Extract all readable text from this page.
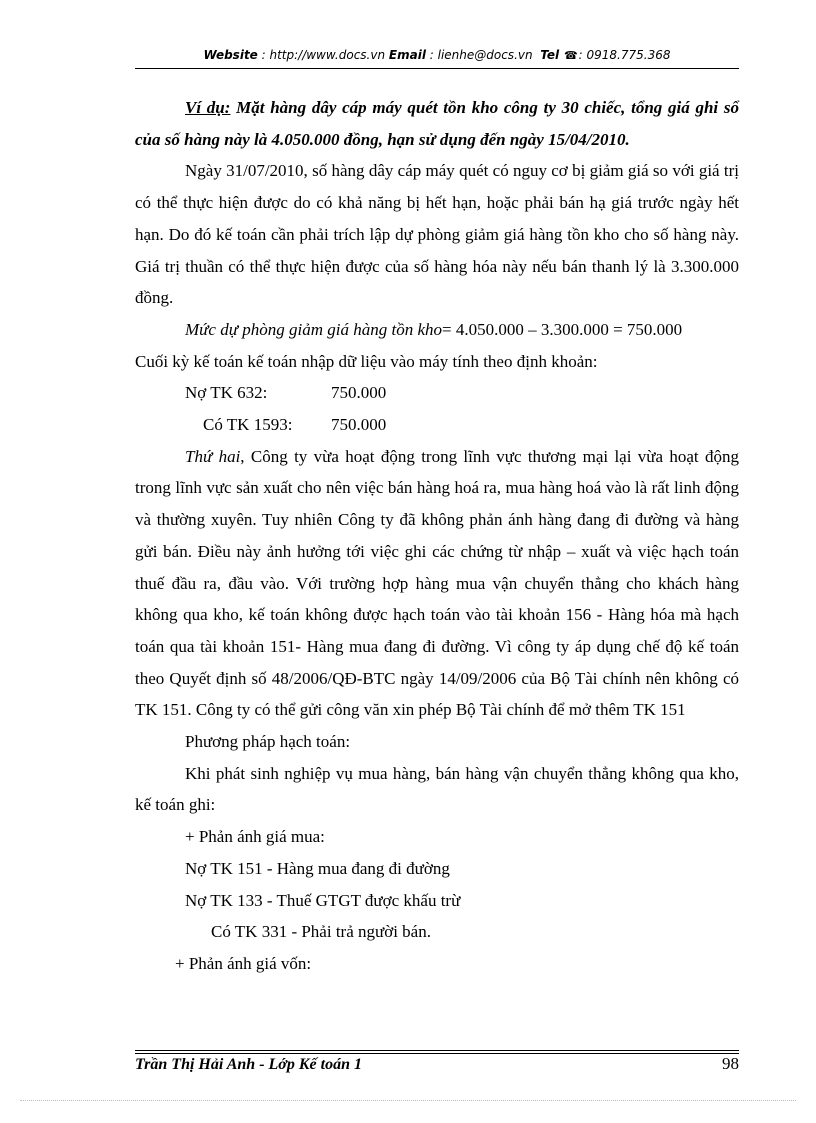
Website : http://www.docs.vn Email : lienhe@docs.vn Tel ☎: 0918.775.368

Ví dụ: Mặt hàng dây cáp máy quét tồn kho công ty 30 chiếc, tổng giá ghi sổ của số hàng này là 4.050.000 đồng, hạn sử dụng đến ngày 15/04/2010.

Ngày 31/07/2010, số hàng dây cáp máy quét có nguy cơ bị giảm giá so với giá trị có thể thực hiện được do có khả năng bị hết hạn, hoặc phải bán hạ giá trước ngày hết hạn. Do đó kế toán cần phải trích lập dự phòng giảm giá hàng tồn kho cho số hàng này. Giá trị thuần có thể thực hiện được của số hàng hóa này nếu bán thanh lý là 3.300.000 đồng.

Mức dự phòng giảm giá hàng tồn kho= 4.050.000 – 3.300.000 = 750.000

Cuối kỳ kế toán kế toán nhập dữ liệu vào máy tính theo định khoản:

Nợ TK 632:	750.000

Có TK 1593: 750.000

Thứ hai, Công ty vừa hoạt động trong lĩnh vực thương mại lại vừa hoạt động trong lĩnh vực sản xuất cho nên việc bán hàng hoá ra, mua hàng hoá vào là rất linh động và thường xuyên. Tuy nhiên Công ty đã không phản ánh hàng đang đi đường và hàng gửi bán. Điều này ảnh hưởng tới việc ghi các chứng từ nhập – xuất và việc hạch toán thuế đầu ra, đầu vào. Với trường hợp hàng mua vận chuyển thẳng cho khách hàng không qua kho, kế toán không được hạch toán vào tài khoản 156 - Hàng hóa mà hạch toán qua tài khoản 151- Hàng mua đang đi đường. Vì công ty áp dụng chế độ kế toán theo Quyết định số 48/2006/QĐ-BTC ngày 14/09/2006 của Bộ Tài chính nên không có TK 151. Công ty có thể gửi công văn xin phép Bộ Tài chính để mở thêm TK 151

Phương pháp hạch toán:

Khi phát sinh nghiệp vụ mua hàng, bán hàng vận chuyển thẳng không qua kho, kế toán ghi:

+ Phản ánh giá mua:

Nợ TK 151 - Hàng mua đang đi đường

Nợ TK 133 - Thuế GTGT được khấu trừ

Có TK 331 - Phải trả người bán.

+ Phản ánh giá vốn:

Trần Thị Hải Anh - Lớp Kế toán 1	98
